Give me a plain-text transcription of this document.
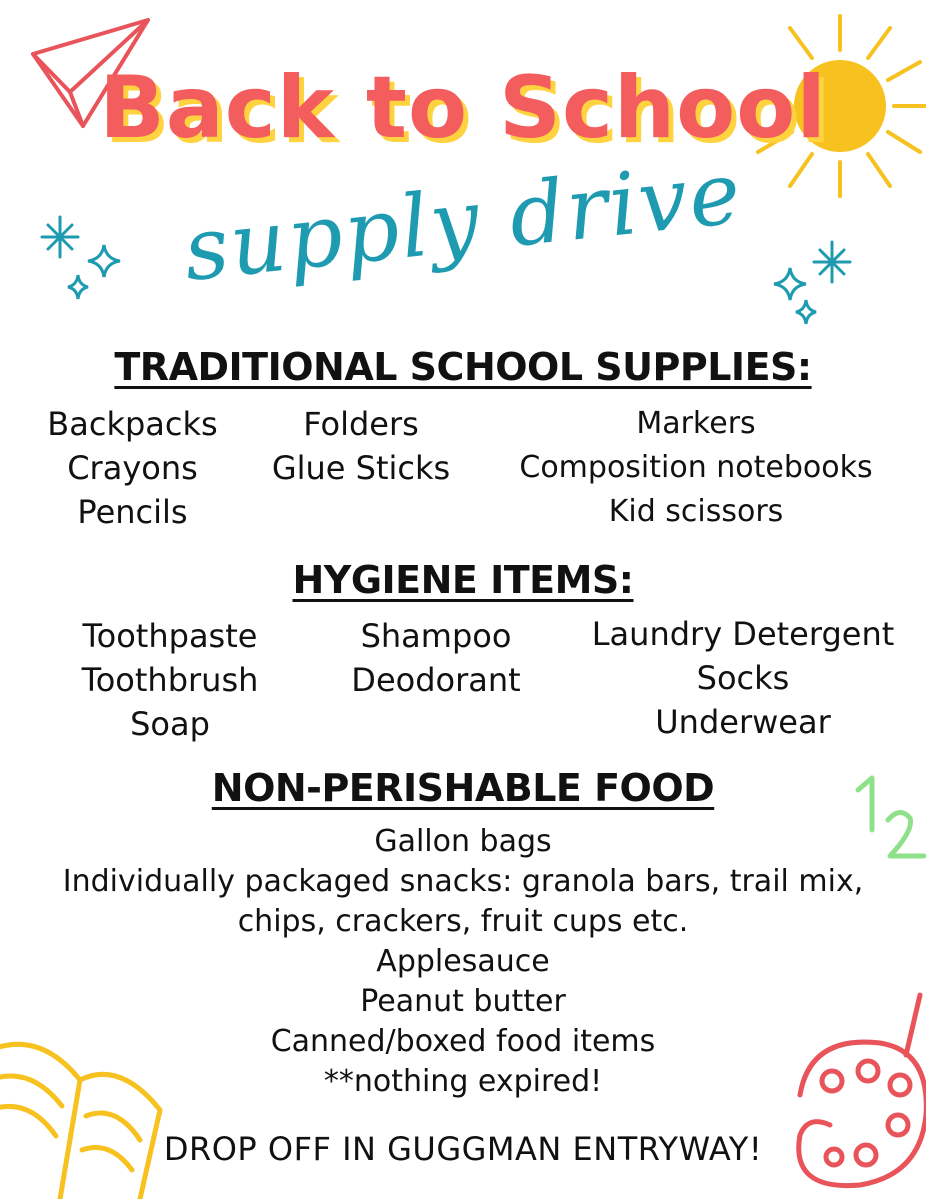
Back to School
supply drive
TRADITIONAL SCHOOL SUPPLIES:
Backpacks
Crayons
Pencils
Folders
Glue Sticks
Markers
Composition notebooks
Kid scissors
HYGIENE ITEMS:
Toothpaste
Toothbrush
Soap
Shampoo
Deodorant
Laundry Detergent
Socks
Underwear
NON-PERISHABLE FOOD
Gallon bags
Individually packaged snacks: granola bars, trail mix,
chips, crackers, fruit cups etc.
Applesauce
Peanut butter
Canned/boxed food items
**nothing expired!
DROP OFF IN GUGGMAN ENTRYWAY!
